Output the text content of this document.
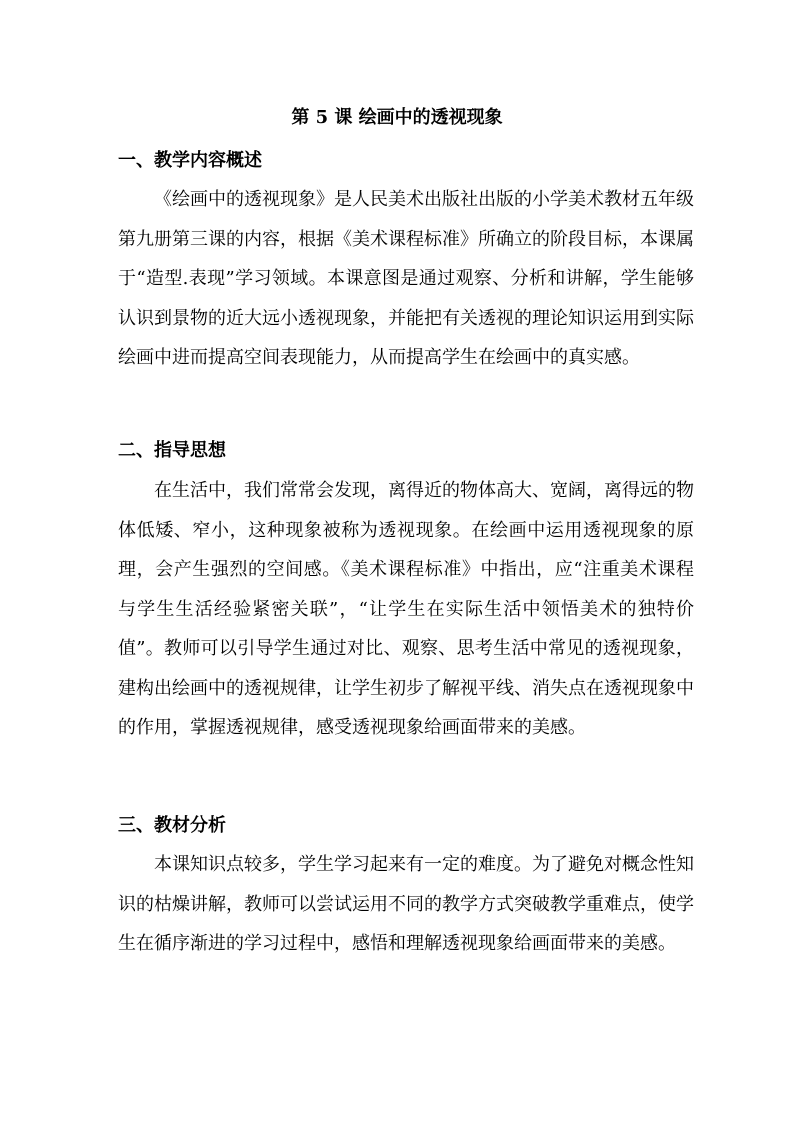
第 5 课 绘画中的透视现象
一、教学内容概述

《绘画中的透视现象》是人民美术出版社出版的小学美术教材五年级第九册第三课的内容，根据《美术课程标准》所确立的阶段目标，本课属于“造型.表现”学习领域。本课意图是通过观察、分析和讲解，学生能够认识到景物的近大远小透视现象，并能把有关透视的理论知识运用到实际绘画中进而提高空间表现能力，从而提高学生在绘画中的真实感。

二、指导思想

在生活中，我们常常会发现，离得近的物体高大、宽阔，离得远的物体低矮、窄小，这种现象被称为透视现象。在绘画中运用透视现象的原理，会产生强烈的空间感。《美术课程标准》中指出，应“注重美术课程与学生生活经验紧密关联”，“让学生在实际生活中领悟美术的独特价值”。教师可以引导学生通过对比、观察、思考生活中常见的透视现象，建构出绘画中的透视规律，让学生初步了解视平线、消失点在透视现象中的作用，掌握透视规律，感受透视现象给画面带来的美感。

三、教材分析

本课知识点较多，学生学习起来有一定的难度。为了避免对概念性知识的枯燥讲解，教师可以尝试运用不同的教学方式突破教学重难点，使学生在循序渐进的学习过程中，感悟和理解透视现象给画面带来的美感。
